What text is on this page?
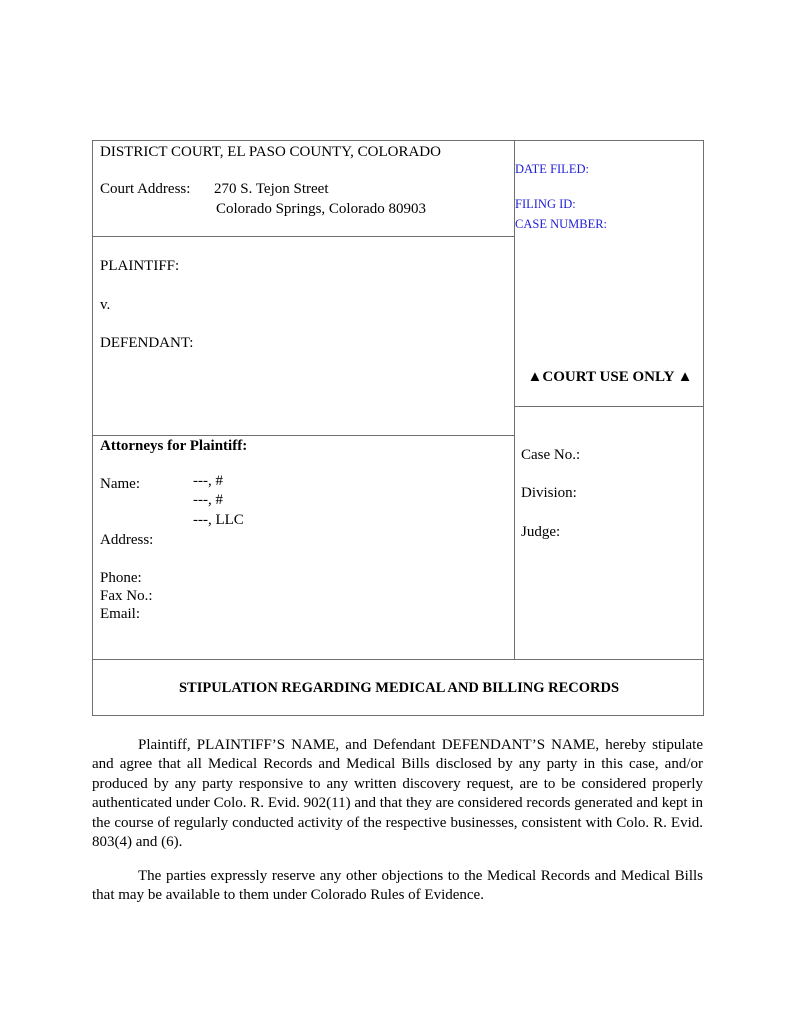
DISTRICT COURT, EL PASO COUNTY, COLORADO
Court Address: 270 S. Tejon Street
Colorado Springs, Colorado 80903
DATE FILED:
FILING ID:
CASE NUMBER:
PLAINTIFF:
v.
DEFENDANT:
▲COURT USE ONLY ▲
Attorneys for Plaintiff:
Name:	---, #
---, #
---, LLC
Address:
Phone:
Fax No.:
Email:
Case No.:
Division:
Judge:
STIPULATION REGARDING MEDICAL AND BILLING RECORDS

Plaintiff, PLAINTIFF’S NAME, and Defendant DEFENDANT’S NAME, hereby stipulate and agree that all Medical Records and Medical Bills disclosed by any party in this case, and/or produced by any party responsive to any written discovery request, are to be considered properly authenticated under Colo. R. Evid. 902(11) and that they are considered records generated and kept in the course of regularly conducted activity of the respective businesses, consistent with Colo. R. Evid. 803(4) and (6).

The parties expressly reserve any other objections to the Medical Records and Medical Bills that may be available to them under Colorado Rules of Evidence.
